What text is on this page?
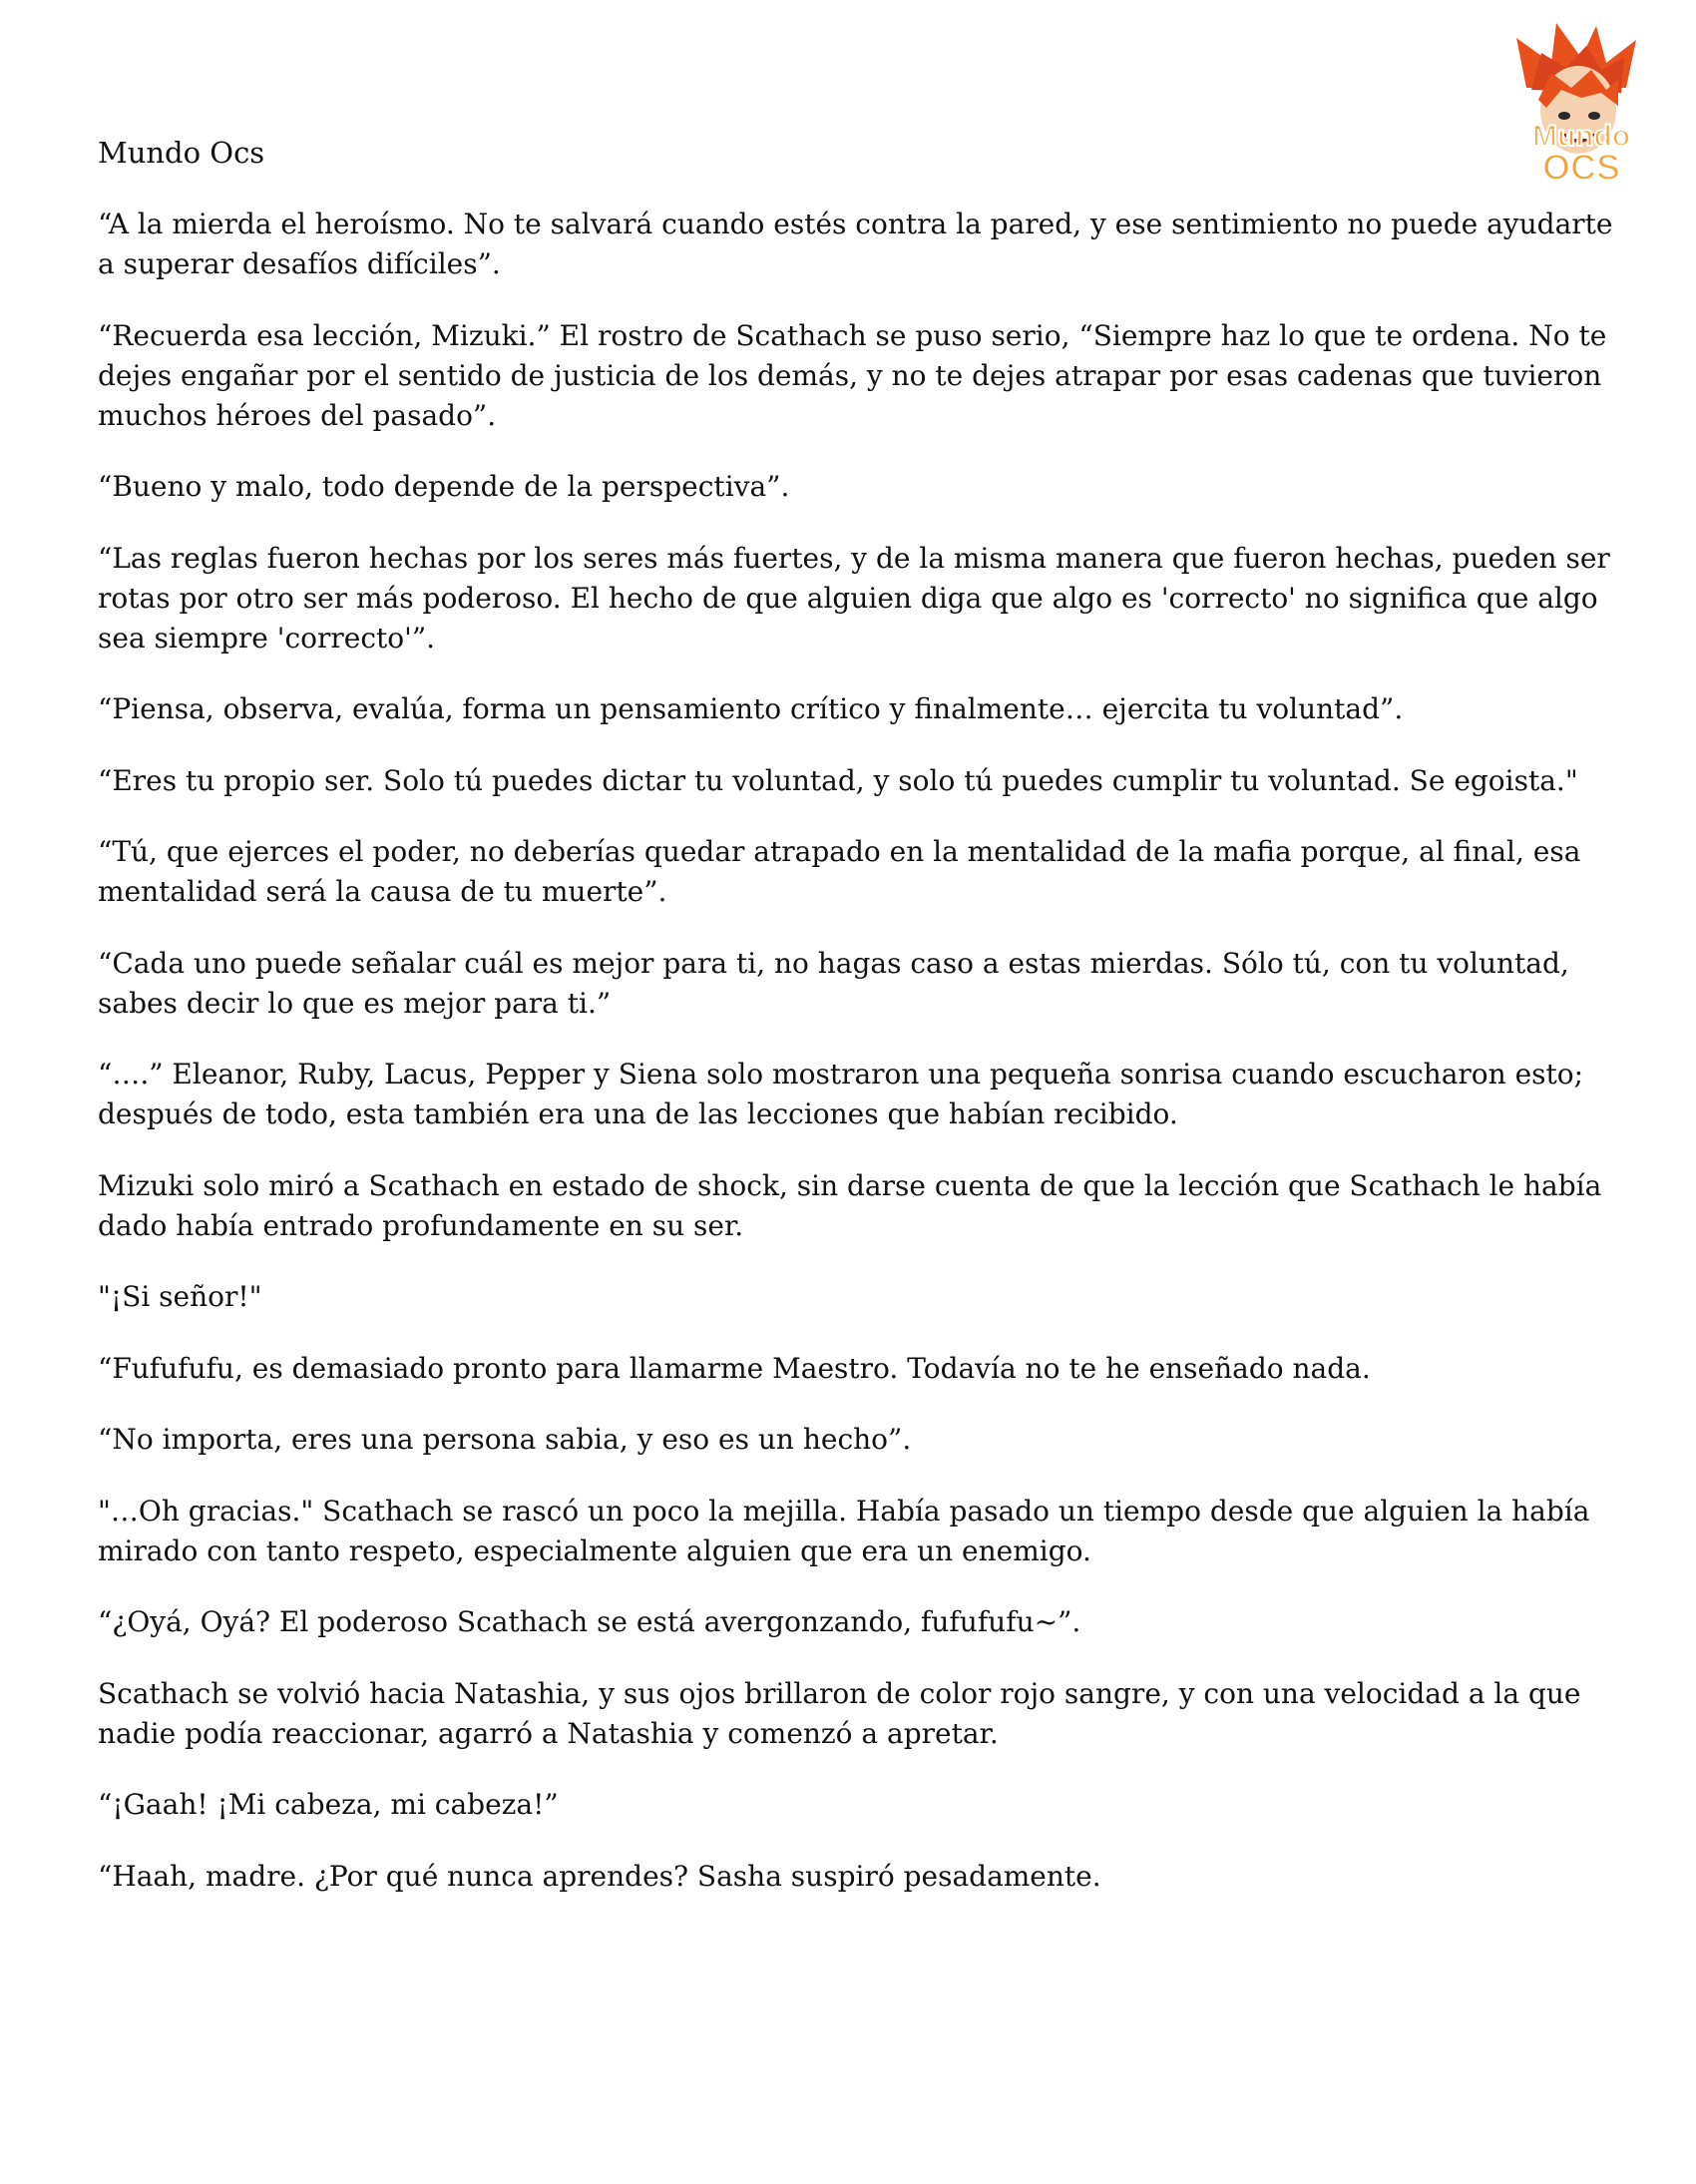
Mundo
OCS
Mundo Ocs

“A la mierda el heroísmo. No te salvará cuando estés contra la pared, y ese sentimiento no puede ayudarte a superar desafíos difíciles”.

“Recuerda esa lección, Mizuki.” El rostro de Scathach se puso serio, “Siempre haz lo que te ordena. No te dejes engañar por el sentido de justicia de los demás, y no te dejes atrapar por esas cadenas que tuvieron muchos héroes del pasado”.

“Bueno y malo, todo depende de la perspectiva”.

“Las reglas fueron hechas por los seres más fuertes, y de la misma manera que fueron hechas, pueden ser rotas por otro ser más poderoso. El hecho de que alguien diga que algo es 'correcto' no significa que algo sea siempre 'correcto'”.

“Piensa, observa, evalúa, forma un pensamiento crítico y finalmente… ejercita tu voluntad”.

“Eres tu propio ser. Solo tú puedes dictar tu voluntad, y solo tú puedes cumplir tu voluntad. Se egoista."

“Tú, que ejerces el poder, no deberías quedar atrapado en la mentalidad de la mafia porque, al final, esa mentalidad será la causa de tu muerte”.

“Cada uno puede señalar cuál es mejor para ti, no hagas caso a estas mierdas. Sólo tú, con tu voluntad, sabes decir lo que es mejor para ti.”

“….” Eleanor, Ruby, Lacus, Pepper y Siena solo mostraron una pequeña sonrisa cuando escucharon esto; después de todo, esta también era una de las lecciones que habían recibido.

Mizuki solo miró a Scathach en estado de shock, sin darse cuenta de que la lección que Scathach le había dado había entrado profundamente en su ser.

"¡Si señor!"

“Fufufufu, es demasiado pronto para llamarme Maestro. Todavía no te he enseñado nada.

“No importa, eres una persona sabia, y eso es un hecho”.

"…Oh gracias." Scathach se rascó un poco la mejilla. Había pasado un tiempo desde que alguien la había mirado con tanto respeto, especialmente alguien que era un enemigo.

“¿Oyá, Oyá? El poderoso Scathach se está avergonzando, fufufufu~”.

Scathach se volvió hacia Natashia, y sus ojos brillaron de color rojo sangre, y con una velocidad a la que nadie podía reaccionar, agarró a Natashia y comenzó a apretar.

“¡Gaah! ¡Mi cabeza, mi cabeza!”

“Haah, madre. ¿Por qué nunca aprendes? Sasha suspiró pesadamente.
